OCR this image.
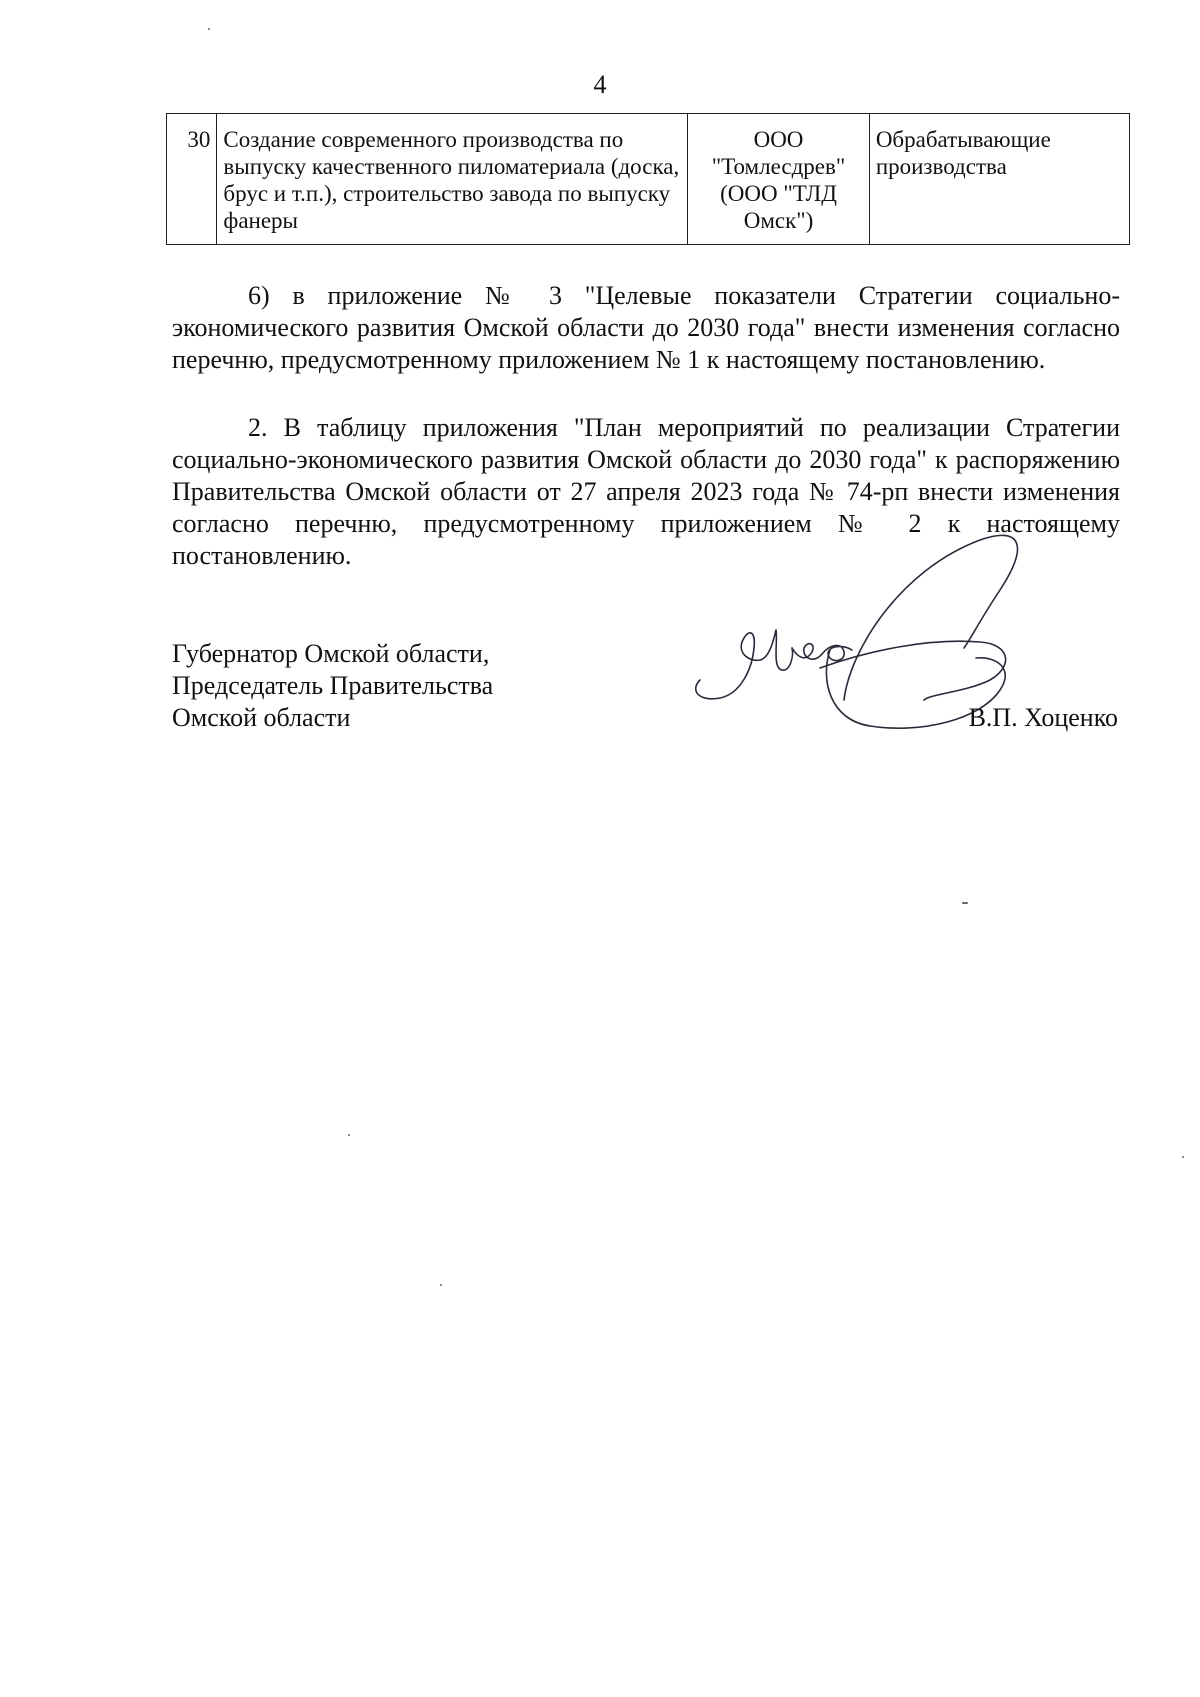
4
30	Создание современного производства по выпуску качественного пиломатериала (доска, брус и т.п.), строительство завода по выпуску фанеры	ООО "Томлесдрев" (ООО "ТЛД Омск")	Обрабатывающие производства

6) в приложение № 3 "Целевые показатели Стратегии социально-экономического развития Омской области до 2030 года" внести изменения согласно перечню, предусмотренному приложением № 1 к настоящему постановлению.

2. В таблицу приложения "План мероприятий по реализации Стратегии социально-экономического развития Омской области до 2030 года" к распоряжению Правительства Омской области от 27 апреля 2023 года № 74-рп внести изменения согласно перечню, предусмотренному приложением № 2 к настоящему постановлению.

Губернатор Омской области,
Председатель Правительства
Омской области	В.П. Хоценко
